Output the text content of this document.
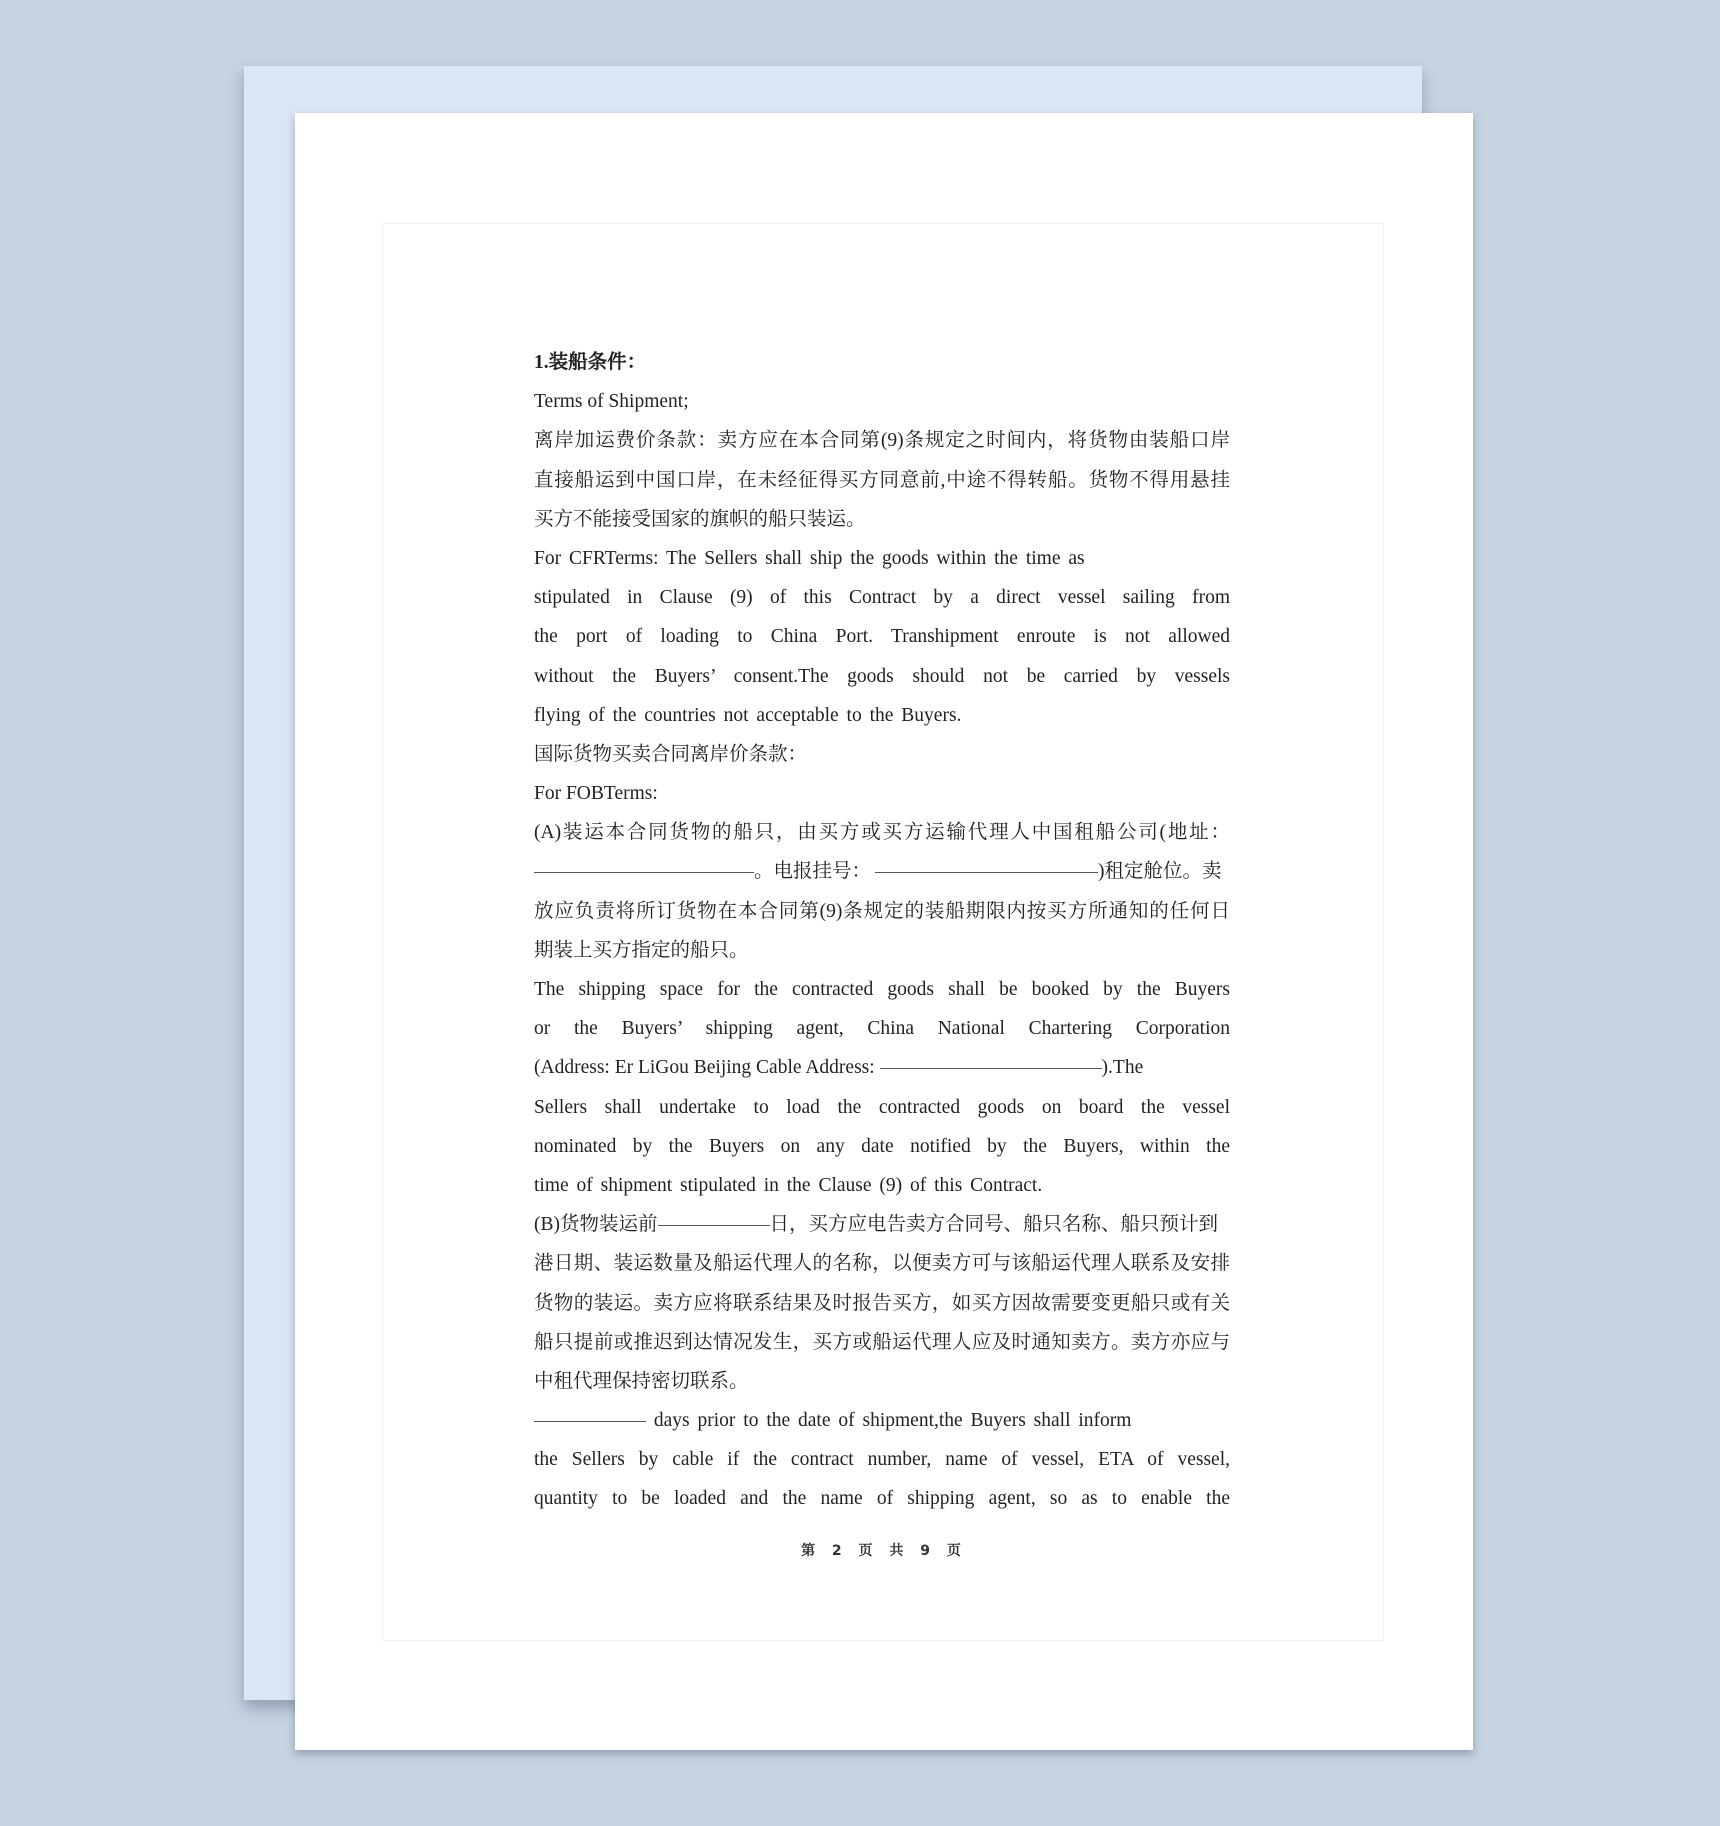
1.装船条件：
Terms of Shipment;
离岸加运费价条款：卖方应在本合同第(9)条规定之时间内，将货物由装船口岸
直接船运到中国口岸，在未经征得买方同意前,中途不得转船。货物不得用悬挂
买方不能接受国家的旗帜的船只装运。
For CFRTerms: The Sellers shall ship the goods within the time as
stipulated in Clause (9) of this Contract by a direct vessel sailing from
the port of loading to China Port. Transhipment enroute is not allowed
without the Buyers’ consent.The goods should not be carried by vessels
flying of the countries not acceptable to the Buyers.
国际货物买卖合同离岸价条款：
For FOBTerms:
(A)装运本合同货物的船只，由买方或买方运输代理人中国租船公司(地址：
。电报挂号：	)租定舱位。卖
放应负责将所订货物在本合同第(9)条规定的装船期限内按买方所通知的任何日
期装上买方指定的船只。
The shipping space for the contracted goods shall be booked by the Buyers
or the Buyers’ shipping agent, China National Chartering Corporation
(Address: Er LiGou Beijing Cable Address:	).The
Sellers shall undertake to load the contracted goods on board the vessel
nominated by the Buyers on any date notified by the Buyers, within the
time of shipment stipulated in the Clause (9) of this Contract.
(B)货物装运前	日，买方应电告卖方合同号、船只名称、船只预计到
港日期、装运数量及船运代理人的名称，以便卖方可与该船运代理人联系及安排
货物的装运。卖方应将联系结果及时报告买方，如买方因故需要变更船只或有关
船只提前或推迟到达情况发生，买方或船运代理人应及时通知卖方。卖方亦应与
中租代理保持密切联系。
days prior to the date of shipment,the Buyers shall inform
the Sellers by cable if the contract number, name of vessel, ETA of vessel,
quantity to be loaded and the name of shipping agent, so as to enable the
第 2 页 共 9 页
